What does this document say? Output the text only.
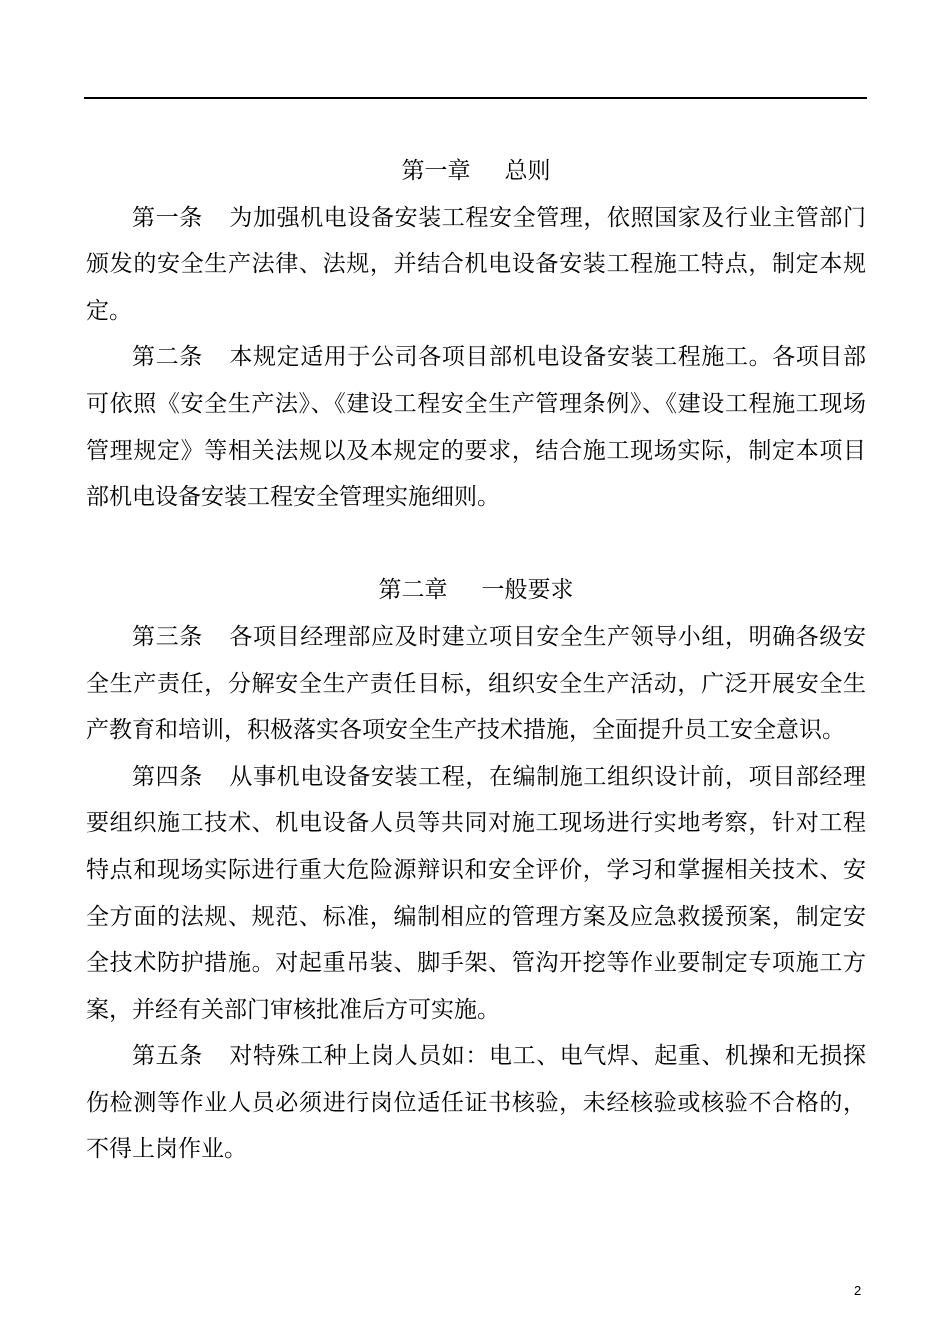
第一章 总则

第一条 为加强机电设备安装工程安全管理，依照国家及行业主管部门颁发的安全生产法律、法规，并结合机电设备安装工程施工特点，制定本规定。

第二条 本规定适用于公司各项目部机电设备安装工程施工。各项目部可依照《安全生产法》、《建设工程安全生产管理条例》、《建设工程施工现场管理规定》等相关法规以及本规定的要求，结合施工现场实际，制定本项目部机电设备安装工程安全管理实施细则。

第二章 一般要求

第三条 各项目经理部应及时建立项目安全生产领导小组，明确各级安全生产责任，分解安全生产责任目标，组织安全生产活动，广泛开展安全生产教育和培训，积极落实各项安全生产技术措施，全面提升员工安全意识。

第四条 从事机电设备安装工程，在编制施工组织设计前，项目部经理要组织施工技术、机电设备人员等共同对施工现场进行实地考察，针对工程特点和现场实际进行重大危险源辩识和安全评价，学习和掌握相关技术、安全方面的法规、规范、标准，编制相应的管理方案及应急救援预案，制定安全技术防护措施。对起重吊装、脚手架、管沟开挖等作业要制定专项施工方案，并经有关部门审核批准后方可实施。

第五条 对特殊工种上岗人员如：电工、电气焊、起重、机操和无损探伤检测等作业人员必须进行岗位适任证书核验，未经核验或核验不合格的，不得上岗作业。

2
